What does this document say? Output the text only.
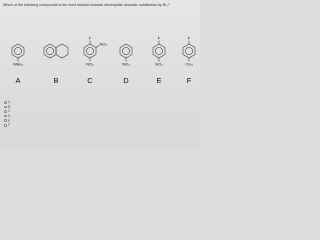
Which of the following compounds is the most reactive towards electrophilic aromatic substitution by Br₂?
NMe₂
F
NO₂
NO₂	NO₂
F
NO₂
F
CH₃
A	B	C	D	E	F
A
B
C
D
E
F
